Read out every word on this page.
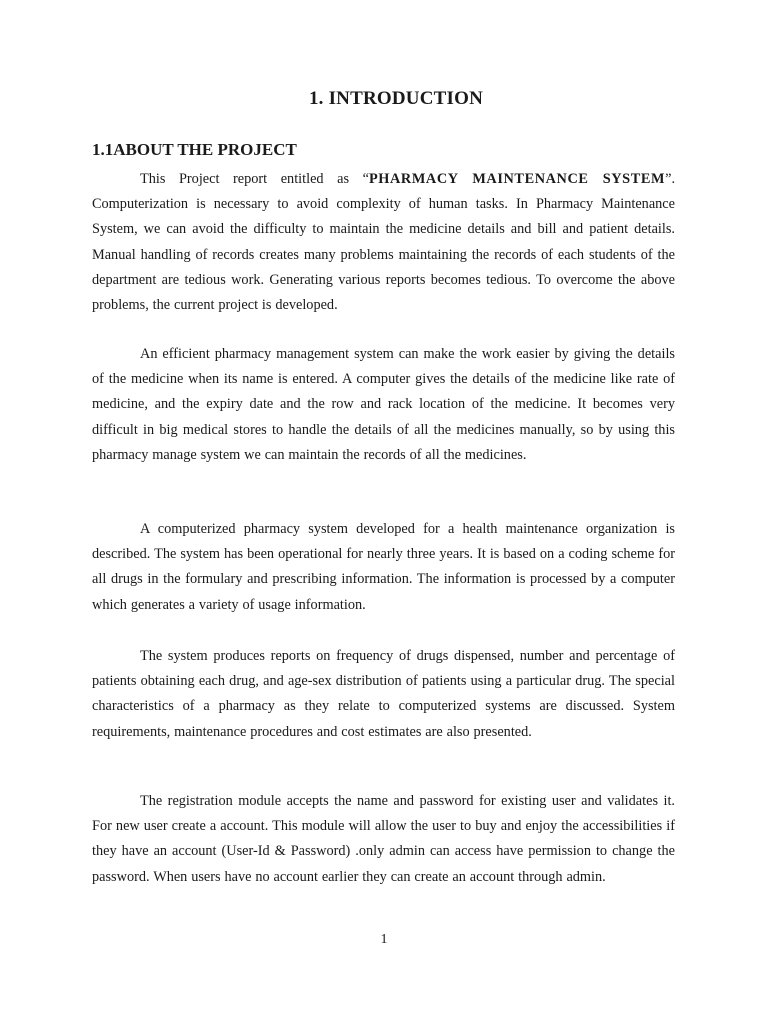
1. INTRODUCTION
1.1ABOUT THE PROJECT

This Project report entitled as “PHARMACY MAINTENANCE SYSTEM”. Computerization is necessary to avoid complexity of human tasks. In Pharmacy Maintenance System, we can avoid the difficulty to maintain the medicine details and bill and patient details. Manual handling of records creates many problems maintaining the records of each students of the department are tedious work. Generating various reports becomes tedious. To overcome the above problems, the current project is developed.

An efficient pharmacy management system can make the work easier by giving the details of the medicine when its name is entered. A computer gives the details of the medicine like rate of medicine, and the expiry date and the row and rack location of the medicine. It becomes very difficult in big medical stores to handle the details of all the medicines manually, so by using this pharmacy manage system we can maintain the records of all the medicines.

A computerized pharmacy system developed for a health maintenance organization is described. The system has been operational for nearly three years. It is based on a coding scheme for all drugs in the formulary and prescribing information. The information is processed by a computer which generates a variety of usage information.

The system produces reports on frequency of drugs dispensed, number and percentage of patients obtaining each drug, and age-sex distribution of patients using a particular drug. The special characteristics of a pharmacy as they relate to computerized systems are discussed. System requirements, maintenance procedures and cost estimates are also presented.

The registration module accepts the name and password for existing user and validates it. For new user create a account. This module will allow the user to buy and enjoy the accessibilities if they have an account (User-Id & Password) .only admin can access have permission to change the password. When users have no account earlier they can create an account through admin.

1
